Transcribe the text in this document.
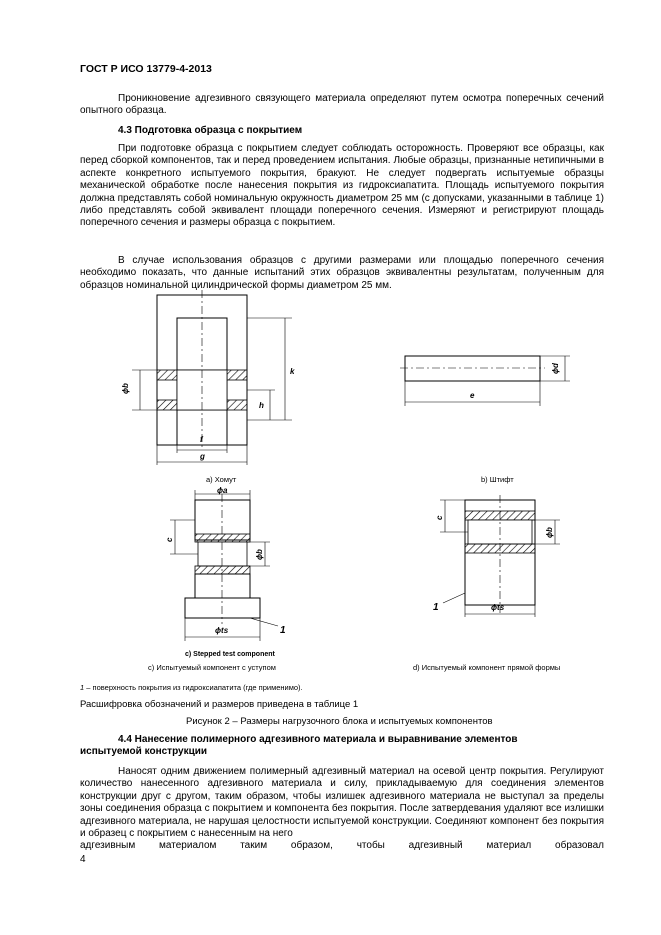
ГОСТ Р ИСО 13779-4-2013

Проникновение адгезивного связующего материала определяют путем осмотра поперечных сечений опытного образца.

4.3 Подготовка образца с покрытием

При подготовке образца с покрытием следует соблюдать осторожность. Проверяют все образцы, как перед сборкой компонентов, так и перед проведением испытания. Любые образцы, признанные нетипичными в аспекте конкретного испытуемого покрытия, бракуют. Не следует подвергать испытуемые образцы механической обработке после нанесения покрытия из гидроксиапатита. Площадь испытуемого покрытия должна представлять собой номинальную окружность диаметром 25 мм (с допусками, указанными в таблице 1) либо представлять собой эквивалент площади поперечного сечения. Измеряют и регистрируют площадь поперечного сечения и размеры образца с покрытием.

В случае использования образцов с другими размерами или площадью поперечного сечения необходимо показать, что данные испытаний этих образцов эквивалентны результатам, полученным для образцов номинальной цилиндрической формы диаметром 25 мм.

ϕb
k
h
f
g
ϕd
e
а) Хомут	b) Штифт
ϕa
c
ϕb
ϕts	1
c) Stepped test component
с) Испытуемый компонент с уступом
c
ϕb
ϕts
1
d) Испытуемый компонент прямой формы
1 – поверхность покрытия из гидроксиапатита (где применимо).
Расшифровка обозначений и размеров приведена в таблице 1
Рисунок 2 – Размеры нагрузочного блока и испытуемых компонентов
4.4 Нанесение полимерного адгезивного материала и выравнивание элементов
испытуемой конструкции

Наносят одним движением полимерный адгезивный материал на осевой центр покрытия. Регулируют количество нанесенного адгезивного материала и силу, прикладываемую для соединения элементов конструкции друг с другом, таким образом, чтобы излишек адгезивного материала не выступал за пределы зоны соединения образца с покрытием и компонента без покрытия. После затвердевания удаляют все излишки адгезивного материала, не нарушая целостности испытуемой конструкции. Соединяют компонент без покрытия и образец с покрытием с нанесенным на него

адгезивным материалом таким образом, чтобы адгезивный материал образовал

4
